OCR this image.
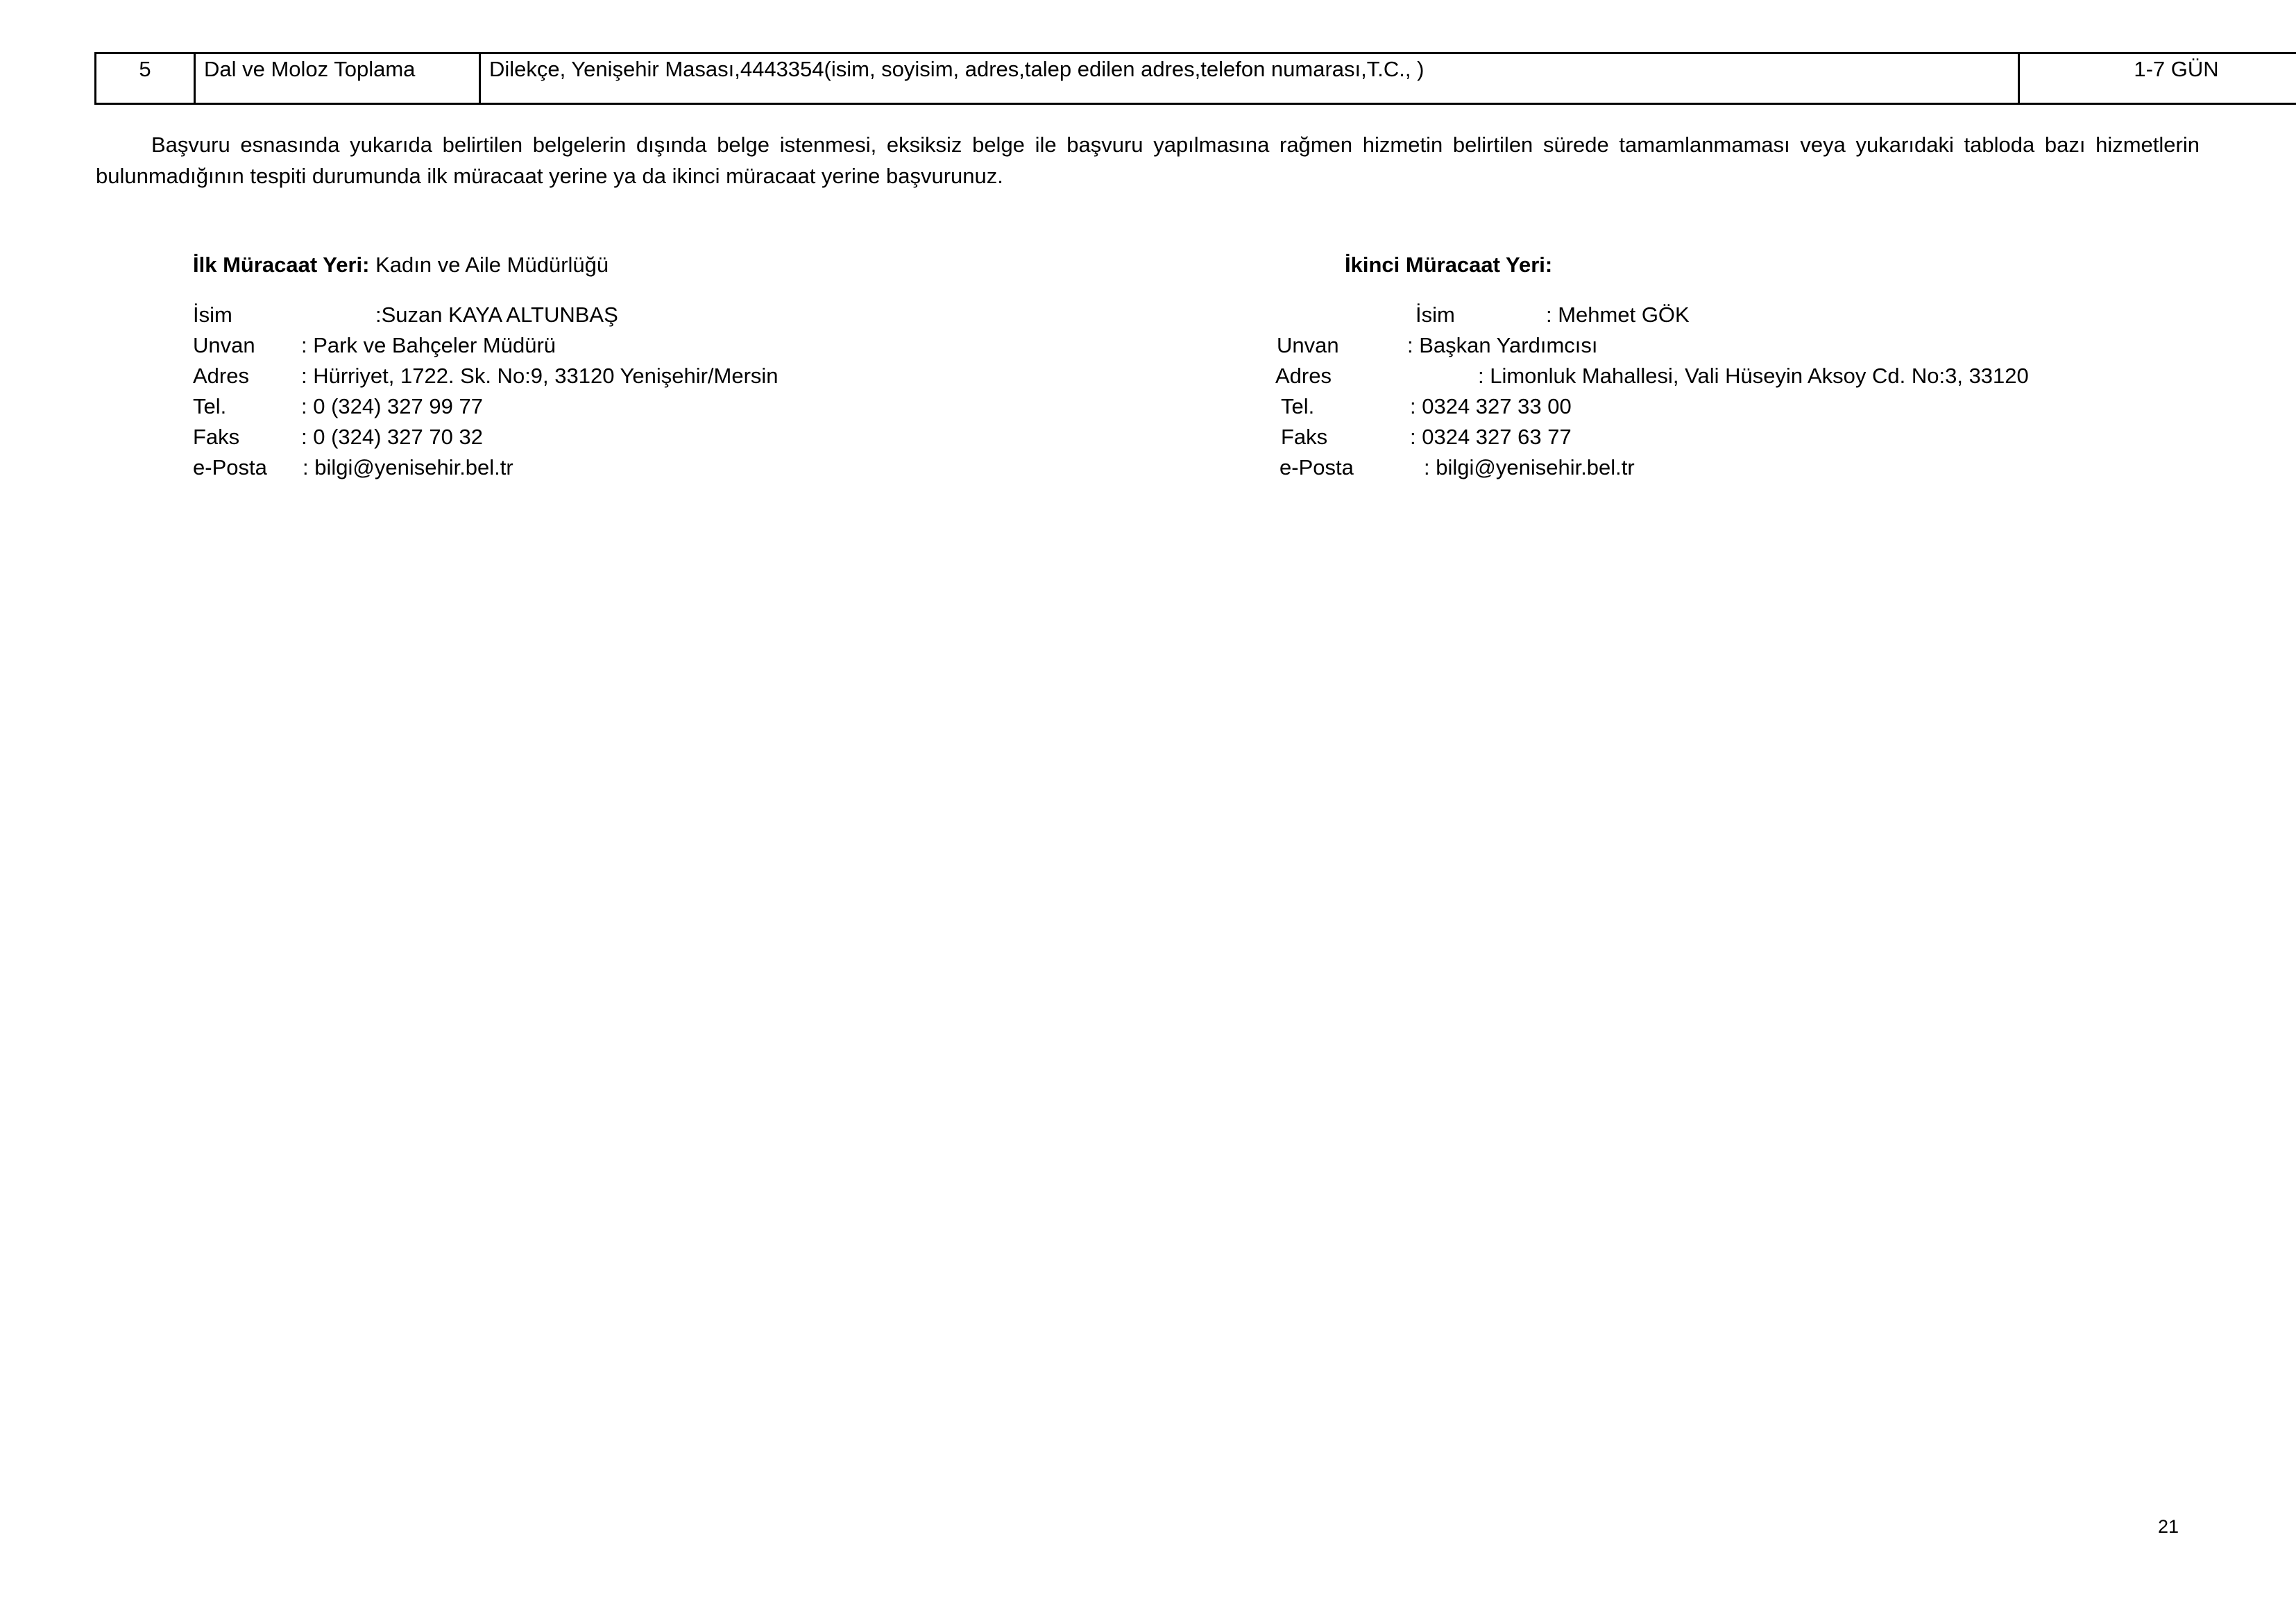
5	Dal ve Moloz Toplama	Dilekçe, Yenişehir Masası,4443354(isim, soyisim, adres,talep edilen adres,telefon numarası,T.C., )	1-7 GÜN

Başvuru esnasında yukarıda belirtilen belgelerin dışında belge istenmesi, eksiksiz belge ile başvuru yapılmasına rağmen hizmetin belirtilen sürede tamamlanmaması veya yukarıdaki tabloda bazı hizmetlerin bulunmadığının tespiti durumunda ilk müracaat yerine ya da ikinci müracaat yerine başvurunuz.

İlk Müracaat Yeri: Kadın ve Aile Müdürlüğü
İsim	:Suzan KAYA ALTUNBAŞ
Unvan : Park ve Bahçeler Müdürü
Adres : Hürriyet, 1722. Sk. No:9, 33120 Yenişehir/Mersin
Tel.	: 0 (324) 327 99 77
Faks	: 0 (324) 327 70 32
e-Posta : bilgi@yenisehir.bel.tr
İkinci Müracaat Yeri:
İsim	: Mehmet GÖK
Unvan	: Başkan Yardımcısı
Adres	: Limonluk Mahallesi, Vali Hüseyin Aksoy Cd. No:3, 33120
Tel.	: 0324 327 33 00
Faks	: 0324 327 63 77
e-Posta	: bilgi@yenisehir.bel.tr
21
